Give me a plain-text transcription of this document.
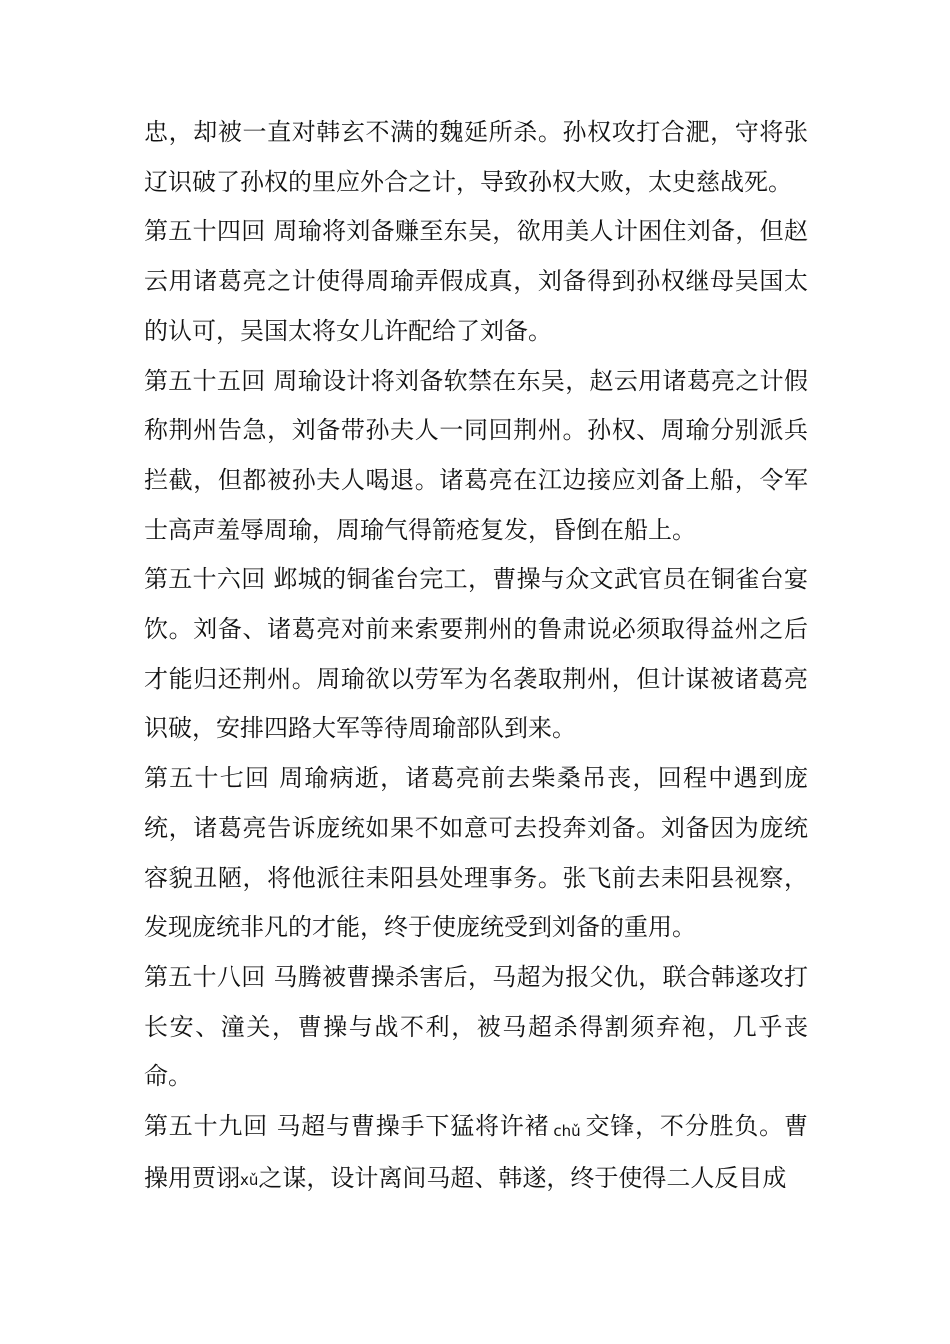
忠，却被一直对韩玄不满的魏延所杀。孙权攻打合淝，守将张辽识破了孙权的里应外合之计，导致孙权大败，太史慈战死。

第五十四回 周瑜将刘备赚至东吴，欲用美人计困住刘备，但赵云用诸葛亮之计使得周瑜弄假成真，刘备得到孙权继母吴国太的认可，吴国太将女儿许配给了刘备。

第五十五回 周瑜设计将刘备软禁在东吴，赵云用诸葛亮之计假称荆州告急，刘备带孙夫人一同回荆州。孙权、周瑜分别派兵拦截，但都被孙夫人喝退。诸葛亮在江边接应刘备上船，令军士高声羞辱周瑜，周瑜气得箭疮复发，昏倒在船上。

第五十六回 邺城的铜雀台完工，曹操与众文武官员在铜雀台宴饮。刘备、诸葛亮对前来索要荆州的鲁肃说必须取得益州之后才能归还荆州。周瑜欲以劳军为名袭取荆州，但计谋被诸葛亮识破，安排四路大军等待周瑜部队到来。

第五十七回 周瑜病逝，诸葛亮前去柴桑吊丧，回程中遇到庞统，诸葛亮告诉庞统如果不如意可去投奔刘备。刘备因为庞统容貌丑陋，将他派往耒阳县处理事务。张飞前去耒阳县视察，发现庞统非凡的才能，终于使庞统受到刘备的重用。

第五十八回 马腾被曹操杀害后，马超为报父仇，联合韩遂攻打长安、潼关，曹操与战不利，被马超杀得割须弃袍，几乎丧命。

第五十九回 马超与曹操手下猛将许褚 chǔ 交锋，不分胜负。曹操用贾诩xǔ之谋，设计离间马超、韩遂，终于使得二人反目成
